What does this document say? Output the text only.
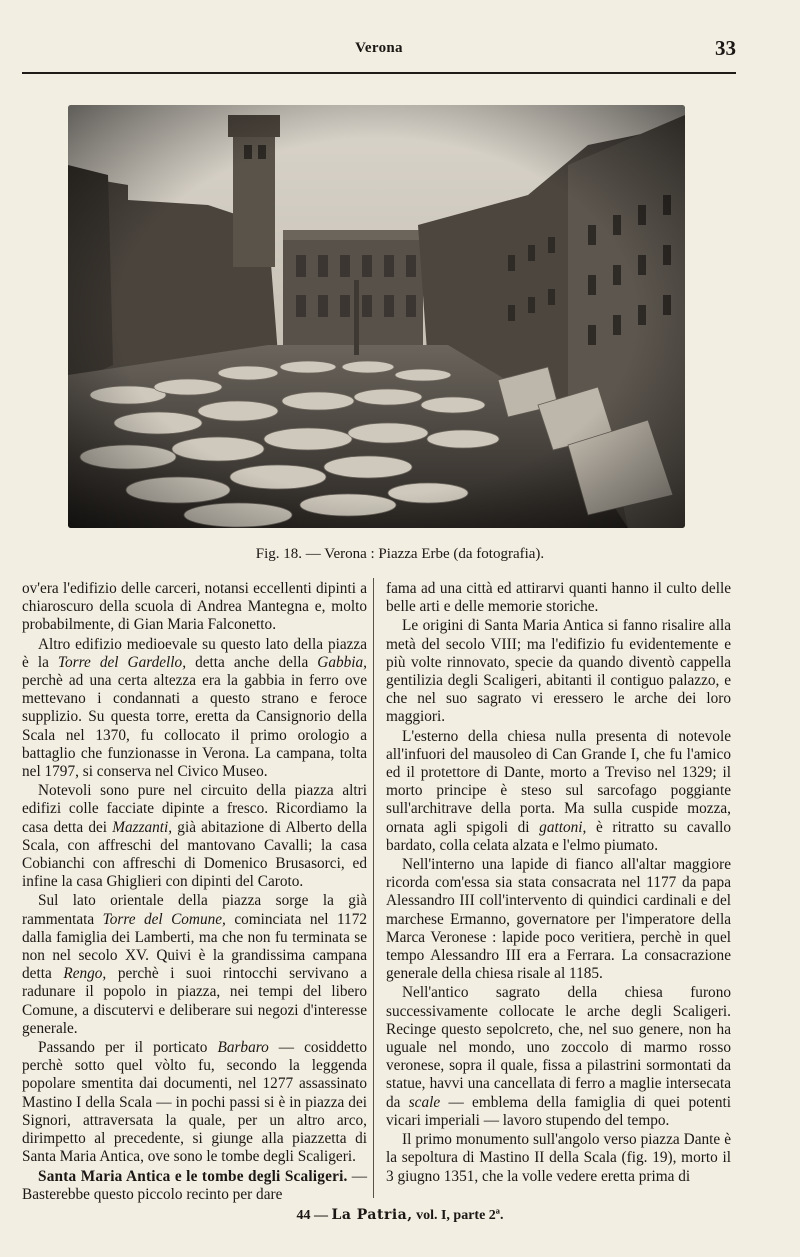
Verona	33
Fig. 18. — Verona : Piazza Erbe (da fotografia).

ov'era l'edifizio delle carceri, notansi eccellenti dipinti a chiaroscuro della scuola di Andrea Mantegna e, molto probabilmente, di Gian Maria Falconetto.

Altro edifizio medioevale su questo lato della piazza è la Torre del Gardello, detta anche della Gabbia, perchè ad una certa altezza era la gabbia in ferro ove mettevano i condannati a questo strano e feroce supplizio. Su questa torre, eretta da Cansignorio della Scala nel 1370, fu collocato il primo orologio a battaglio che funzionasse in Verona. La campana, tolta nel 1797, si conserva nel Civico Museo.

Notevoli sono pure nel circuito della piazza altri edifizi colle facciate dipinte a fresco. Ricordiamo la casa detta dei Mazzanti, già abitazione di Alberto della Scala, con affreschi del mantovano Cavalli; la casa Cobianchi con affreschi di Domenico Brusasorci, ed infine la casa Ghiglieri con dipinti del Caroto.

Sul lato orientale della piazza sorge la già rammentata Torre del Comune, cominciata nel 1172 dalla famiglia dei Lamberti, ma che non fu terminata se non nel secolo XV. Quivi è la grandissima campana detta Rengo, perchè i suoi rintocchi servivano a radunare il popolo in piazza, nei tempi del libero Comune, a discutervi e deliberare sui negozi d'interesse generale.

Passando per il porticato Barbaro — cosiddetto perchè sotto quel vòlto fu, secondo la leggenda popolare smentita dai documenti, nel 1277 assassinato Mastino I della Scala — in pochi passi si è in piazza dei Signori, attraversata la quale, per un altro arco, dirimpetto al precedente, si giunge alla piazzetta di Santa Maria Antica, ove sono le tombe degli Scaligeri.

Santa Maria Antica e le tombe degli Scaligeri. — Basterebbe questo piccolo recinto per dare

fama ad una città ed attirarvi quanti hanno il culto delle belle arti e delle memorie storiche.

Le origini di Santa Maria Antica si fanno risalire alla metà del secolo VIII; ma l'edifizio fu evidentemente e più volte rinnovato, specie da quando diventò cappella gentilizia degli Scaligeri, abitanti il contiguo palazzo, e che nel suo sagrato vi eressero le arche dei loro maggiori.

L'esterno della chiesa nulla presenta di notevole all'infuori del mausoleo di Can Grande I, che fu l'amico ed il protettore di Dante, morto a Treviso nel 1329; il morto principe è steso sul sarcofago poggiante sull'architrave della porta. Ma sulla cuspide mozza, ornata agli spigoli di gattoni, è ritratto su cavallo bardato, colla celata alzata e l'elmo piumato.

Nell'interno una lapide di fianco all'altar maggiore ricorda com'essa sia stata consacrata nel 1177 da papa Alessandro III coll'intervento di quindici cardinali e del marchese Ermanno, governatore per l'imperatore della Marca Veronese : lapide poco veritiera, perchè in quel tempo Alessandro III era a Ferrara. La consacrazione generale della chiesa risale al 1185.

Nell'antico sagrato della chiesa furono successivamente collocate le arche degli Scaligeri. Recinge questo sepolcreto, che, nel suo genere, non ha uguale nel mondo, uno zoccolo di marmo rosso veronese, sopra il quale, fissa a pilastrini sormontati da statue, havvi una cancellata di ferro a maglie intersecata da scale — emblema della famiglia di quei potenti vicari imperiali — lavoro stupendo del tempo.

Il primo monumento sull'angolo verso piazza Dante è la sepoltura di Mastino II della Scala (fig. 19), morto il 3 giugno 1351, che la volle vedere eretta prima di

44 — La Patria, vol. I, parte 2ª.
